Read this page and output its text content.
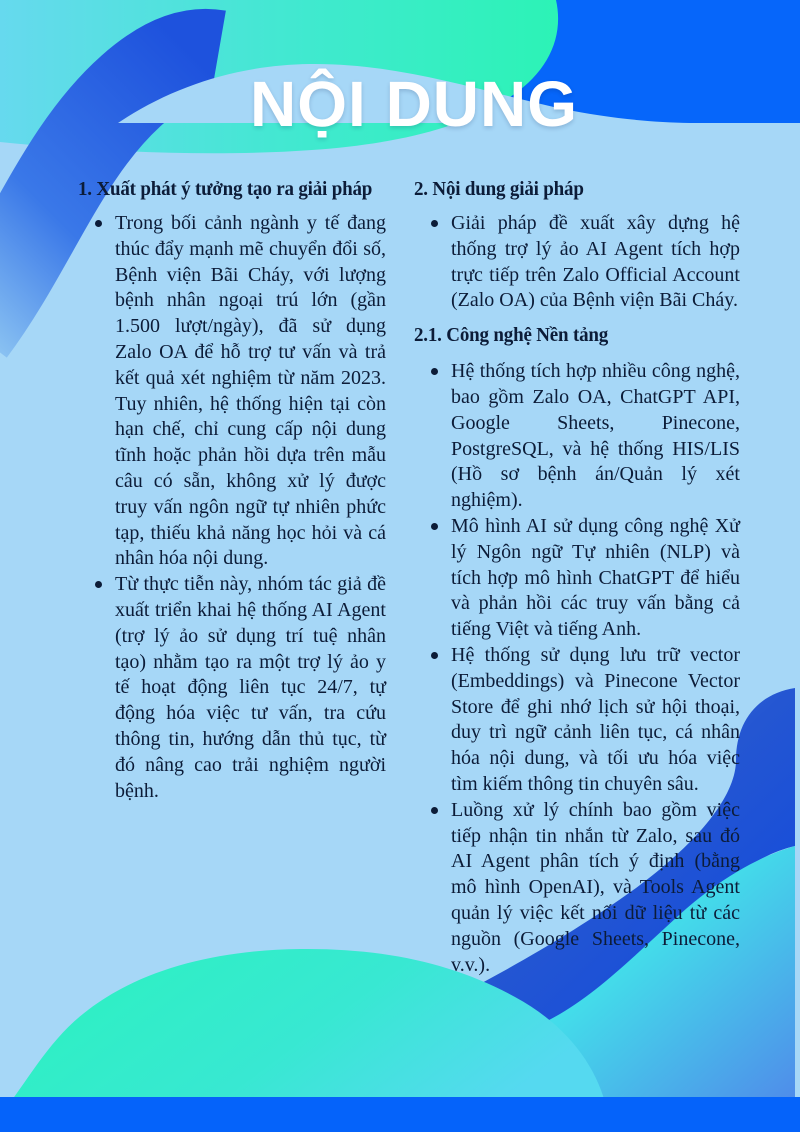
NỘI DUNG
1. Xuất phát ý tưởng tạo ra giải pháp
Trong bối cảnh ngành y tế đang thúc đẩy mạnh mẽ chuyển đổi số, Bệnh viện Bãi Cháy, với lượng bệnh nhân ngoại trú lớn (gần 1.500 lượt/ngày), đã sử dụng Zalo OA để hỗ trợ tư vấn và trả kết quả xét nghiệm từ năm 2023. Tuy nhiên, hệ thống hiện tại còn hạn chế, chỉ cung cấp nội dung tĩnh hoặc phản hồi dựa trên mẫu câu có sẵn, không xử lý được truy vấn ngôn ngữ tự nhiên phức tạp, thiếu khả năng học hỏi và cá nhân hóa nội dung.
Từ thực tiễn này, nhóm tác giả đề xuất triển khai hệ thống AI Agent (trợ lý ảo sử dụng trí tuệ nhân tạo) nhằm tạo ra một trợ lý ảo y tế hoạt động liên tục 24/7, tự động hóa việc tư vấn, tra cứu thông tin, hướng dẫn thủ tục, từ đó nâng cao trải nghiệm người bệnh.
2. Nội dung giải pháp
Giải pháp đề xuất xây dựng hệ thống trợ lý ảo AI Agent tích hợp trực tiếp trên Zalo Official Account (Zalo OA) của Bệnh viện Bãi Cháy.
2.1. Công nghệ Nền tảng
Hệ thống tích hợp nhiều công nghệ, bao gồm Zalo OA, ChatGPT API, Google Sheets, Pinecone, PostgreSQL, và hệ thống HIS/LIS (Hồ sơ bệnh án/Quản lý xét nghiệm).
Mô hình AI sử dụng công nghệ Xử lý Ngôn ngữ Tự nhiên (NLP) và tích hợp mô hình ChatGPT để hiểu và phản hồi các truy vấn bằng cả tiếng Việt và tiếng Anh.
Hệ thống sử dụng lưu trữ vector (Embeddings) và Pinecone Vector Store để ghi nhớ lịch sử hội thoại, duy trì ngữ cảnh liên tục, cá nhân hóa nội dung, và tối ưu hóa việc tìm kiếm thông tin chuyên sâu.
Luồng xử lý chính bao gồm việc tiếp nhận tin nhắn từ Zalo, sau đó AI Agent phân tích ý định (bằng mô hình OpenAI), và Tools Agent quản lý việc kết nối dữ liệu từ các nguồn (Google Sheets, Pinecone, v.v.).
